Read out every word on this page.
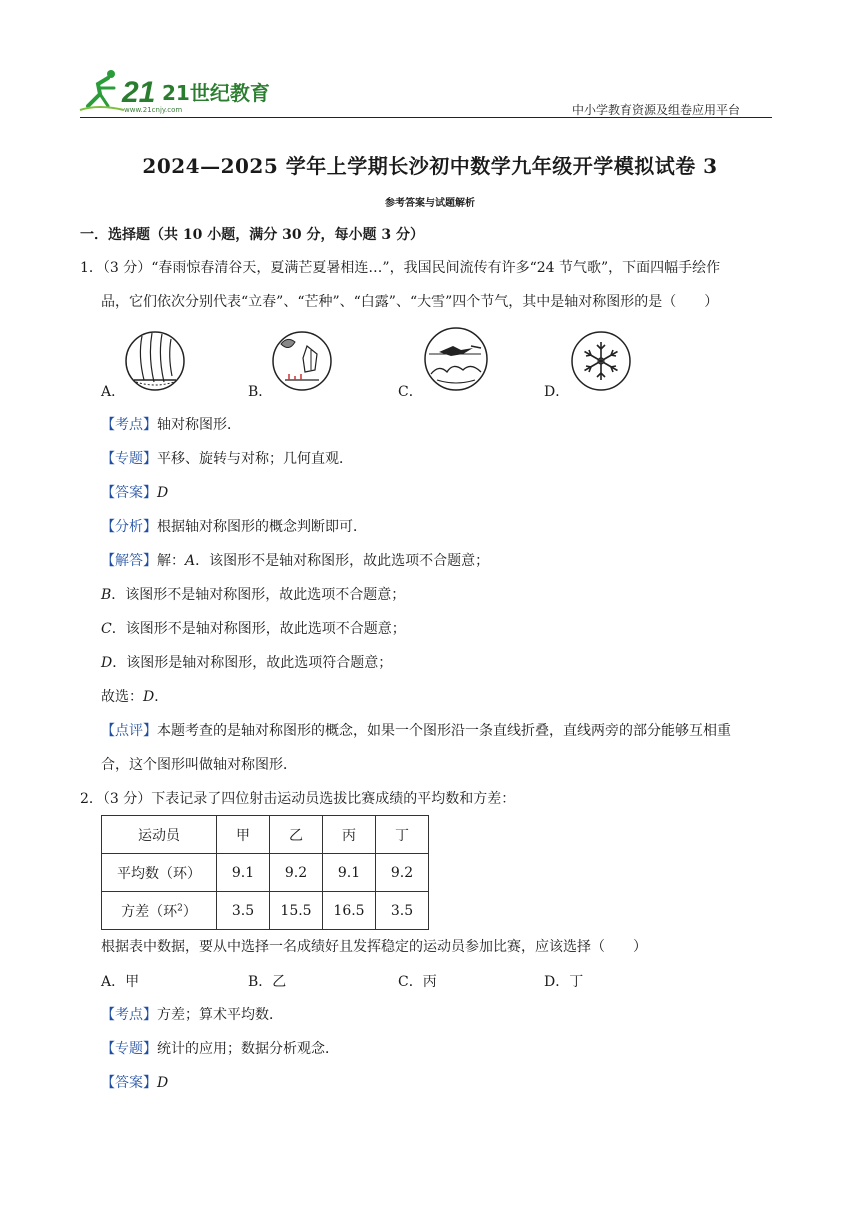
21 21世纪教育
www.21cnjy.com	中小学教育资源及组卷应用平台
2024—2025 学年上学期长沙初中数学九年级开学模拟试卷 3
参考答案与试题解析
一．选择题（共 10 小题，满分 30 分，每小题 3 分）
1．（3 分）“春雨惊春清谷天，夏满芒夏暑相连…”，我国民间流传有许多“24 节气歌”，下面四幅手绘作
品，它们依次分别代表“立春”、“芒种”、“白露”、“大雪”四个节气，其中是轴对称图形的是（　　）
A．	B．	C．	D．
【考点】轴对称图形．
【专题】平移、旋转与对称；几何直观．
【答案】D
【分析】根据轴对称图形的概念判断即可．
【解答】解：A．该图形不是轴对称图形，故此选项不合题意；
B．该图形不是轴对称图形，故此选项不合题意；
C．该图形不是轴对称图形，故此选项不合题意；
D．该图形是轴对称图形，故此选项符合题意；
故选：D．
【点评】本题考查的是轴对称图形的概念，如果一个图形沿一条直线折叠，直线两旁的部分能够互相重
合，这个图形叫做轴对称图形．
2．（3 分）下表记录了四位射击运动员选拔比赛成绩的平均数和方差：
运动员	甲	乙	丙	丁
平均数（环）	9.1	9.2	9.1	9.2
方差（环$^2$）	3.5	15.5	16.5	3.5
根据表中数据，要从中选择一名成绩好且发挥稳定的运动员参加比赛，应该选择（　　）
A．甲	B．乙	C．丙	D．丁
【考点】方差；算术平均数．
【专题】统计的应用；数据分析观念．
【答案】D
